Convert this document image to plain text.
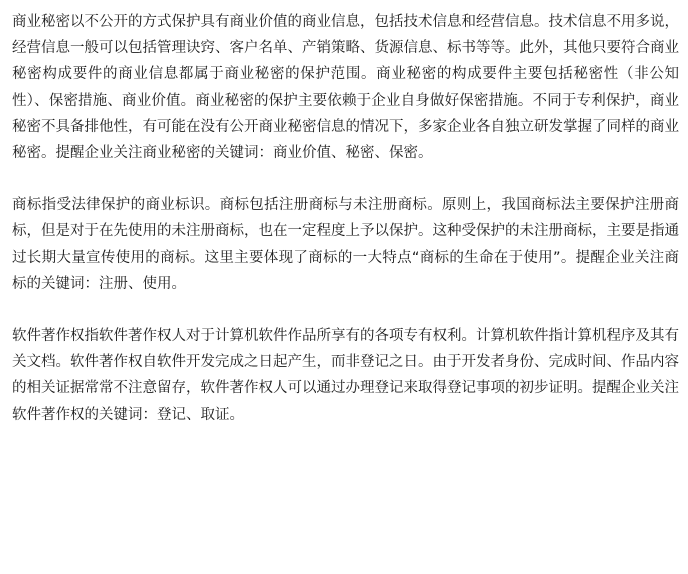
商业秘密以不公开的方式保护具有商业价值的商业信息，包括技术信息和经营信息。技术信息不用多说，经营信息一般可以包括管理诀窍、客户名单、产销策略、货源信息、标书等等。此外，其他只要符合商业秘密构成要件的商业信息都属于商业秘密的保护范围。商业秘密的构成要件主要包括秘密性（非公知性）、保密措施、商业价值。商业秘密的保护主要依赖于企业自身做好保密措施。不同于专利保护，商业秘密不具备排他性，有可能在没有公开商业秘密信息的情况下，多家企业各自独立研发掌握了同样的商业秘密。提醒企业关注商业秘密的关键词：商业价值、秘密、保密。

商标指受法律保护的商业标识。商标包括注册商标与未注册商标。原则上，我国商标法主要保护注册商标，但是对于在先使用的未注册商标，也在一定程度上予以保护。这种受保护的未注册商标，主要是指通过长期大量宣传使用的商标。这里主要体现了商标的一大特点“商标的生命在于使用”。提醒企业关注商标的关键词：注册、使用。

软件著作权指软件著作权人对于计算机软件作品所享有的各项专有权利。计算机软件指计算机程序及其有关文档。软件著作权自软件开发完成之日起产生，而非登记之日。由于开发者身份、完成时间、作品内容的相关证据常常不注意留存，软件著作权人可以通过办理登记来取得登记事项的初步证明。提醒企业关注软件著作权的关键词：登记、取证。
